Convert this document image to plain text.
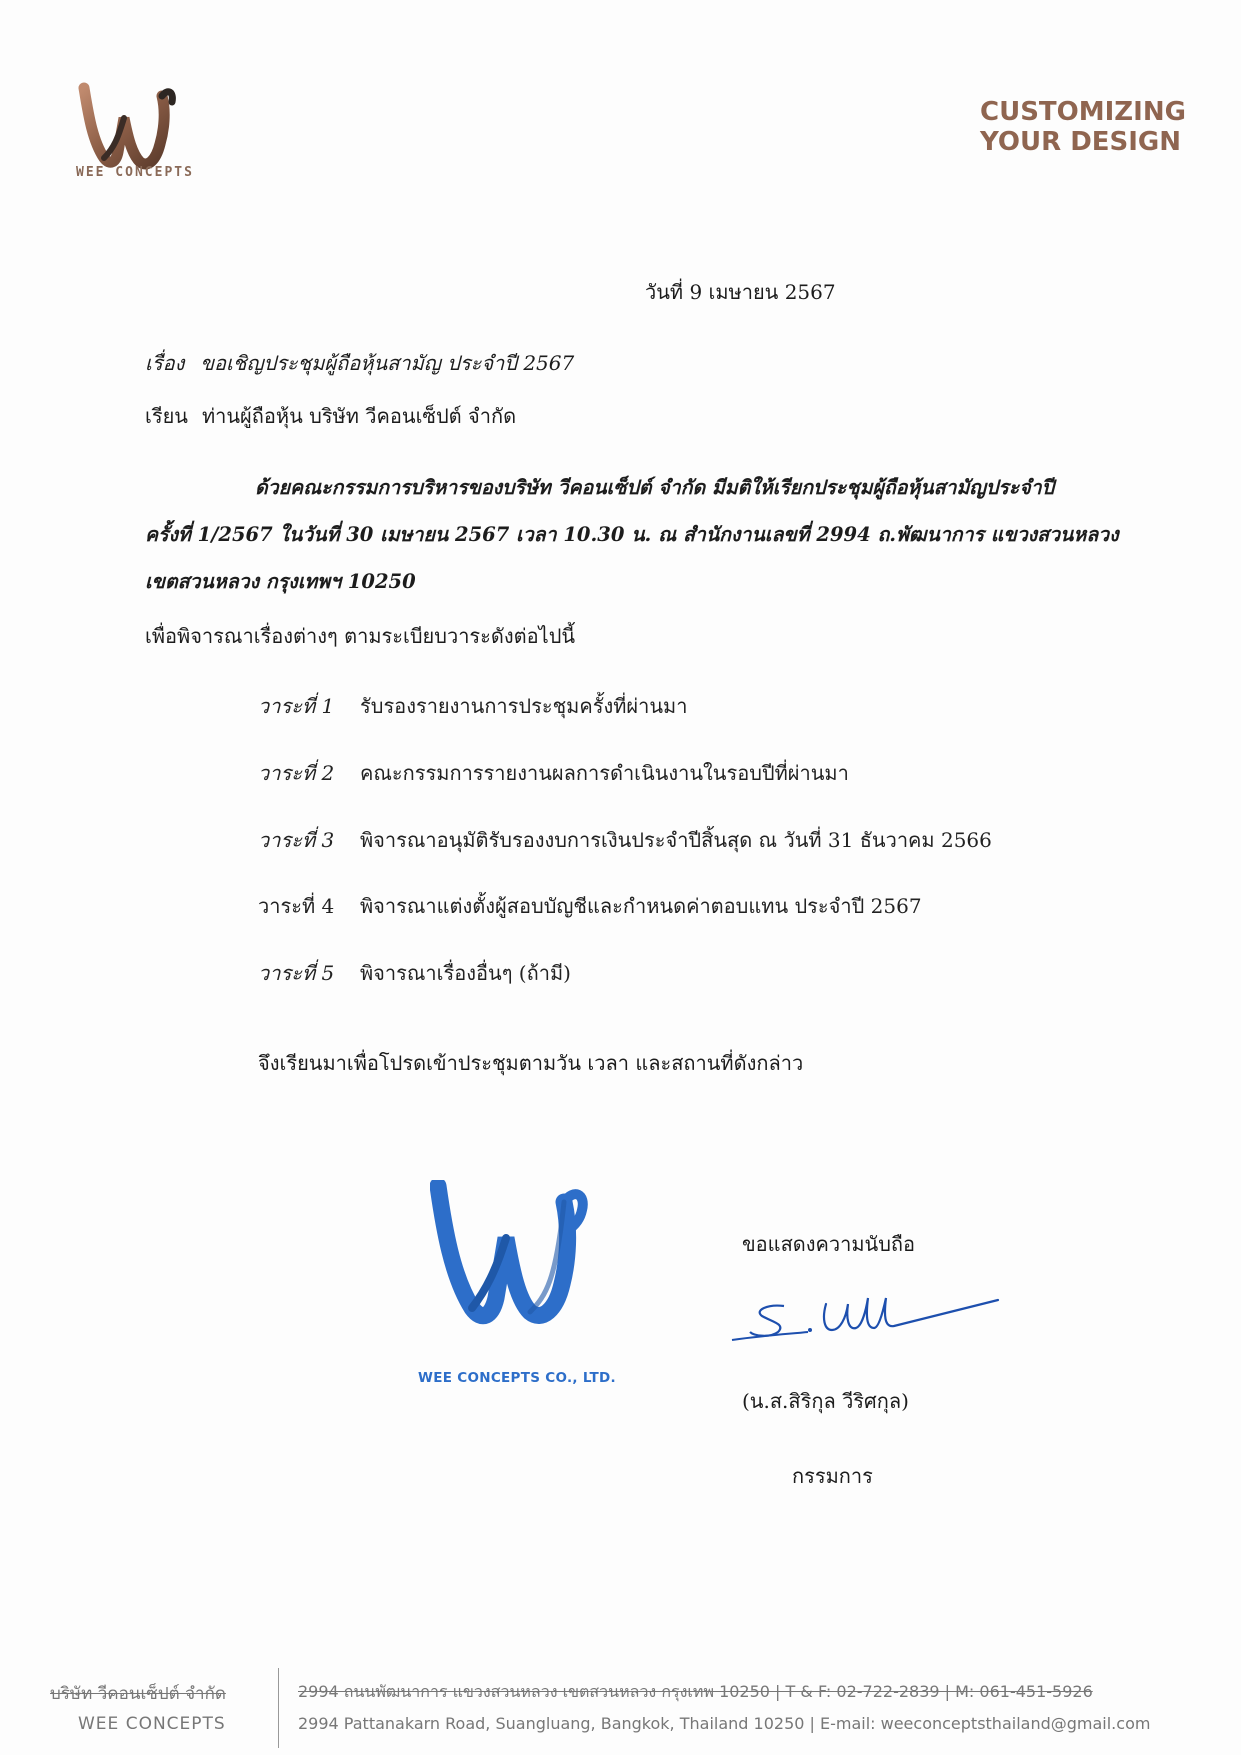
WEE CONCEPTS
CUSTOMIZING
YOUR DESIGN
วันที่ 9 เมษายน 2567
เรื่อง ขอเชิญประชุมผู้ถือหุ้นสามัญ ประจำปี 2567
เรียน ท่านผู้ถือหุ้น บริษัท วีคอนเซ็ปต์ จำกัด
ด้วยคณะกรรมการบริหารของบริษัท วีคอนเซ็ปต์ จำกัด มีมติให้เรียกประชุมผู้ถือหุ้นสามัญประจำปี
ครั้งที่ 1/2567 ในวันที่ 30 เมษายน 2567 เวลา 10.30 น. ณ สำนักงานเลขที่ 2994 ถ.พัฒนาการ แขวงสวนหลวง
เขตสวนหลวง กรุงเทพฯ 10250
เพื่อพิจารณาเรื่องต่างๆ ตามระเบียบวาระดังต่อไปนี้
วาระที่ 1 รับรองรายงานการประชุมครั้งที่ผ่านมา
วาระที่ 2 คณะกรรมการรายงานผลการดำเนินงานในรอบปีที่ผ่านมา
วาระที่ 3 พิจารณาอนุมัติรับรองงบการเงินประจำปีสิ้นสุด ณ วันที่ 31 ธันวาคม 2566
วาระที่ 4 พิจารณาแต่งตั้งผู้สอบบัญชีและกำหนดค่าตอบแทน ประจำปี 2567
วาระที่ 5 พิจารณาเรื่องอื่นๆ (ถ้ามี)
จึงเรียนมาเพื่อโปรดเข้าประชุมตามวัน เวลา และสถานที่ดังกล่าว
WEE CONCEPTS CO., LTD.
ขอแสดงความนับถือ
(น.ส.สิริกุล วีริศกุล)
กรรมการ
บริษัท วีคอนเซ็ปต์ จำกัด
WEE CONCEPTS
2994 ถนนพัฒนาการ แขวงสวนหลวง เขตสวนหลวง กรุงเทพ 10250 | T & F: 02-722-2839 | M: 061-451-5926
2994 Pattanakarn Road, Suangluang, Bangkok, Thailand 10250 | E-mail: weeconceptsthailand@gmail.com
